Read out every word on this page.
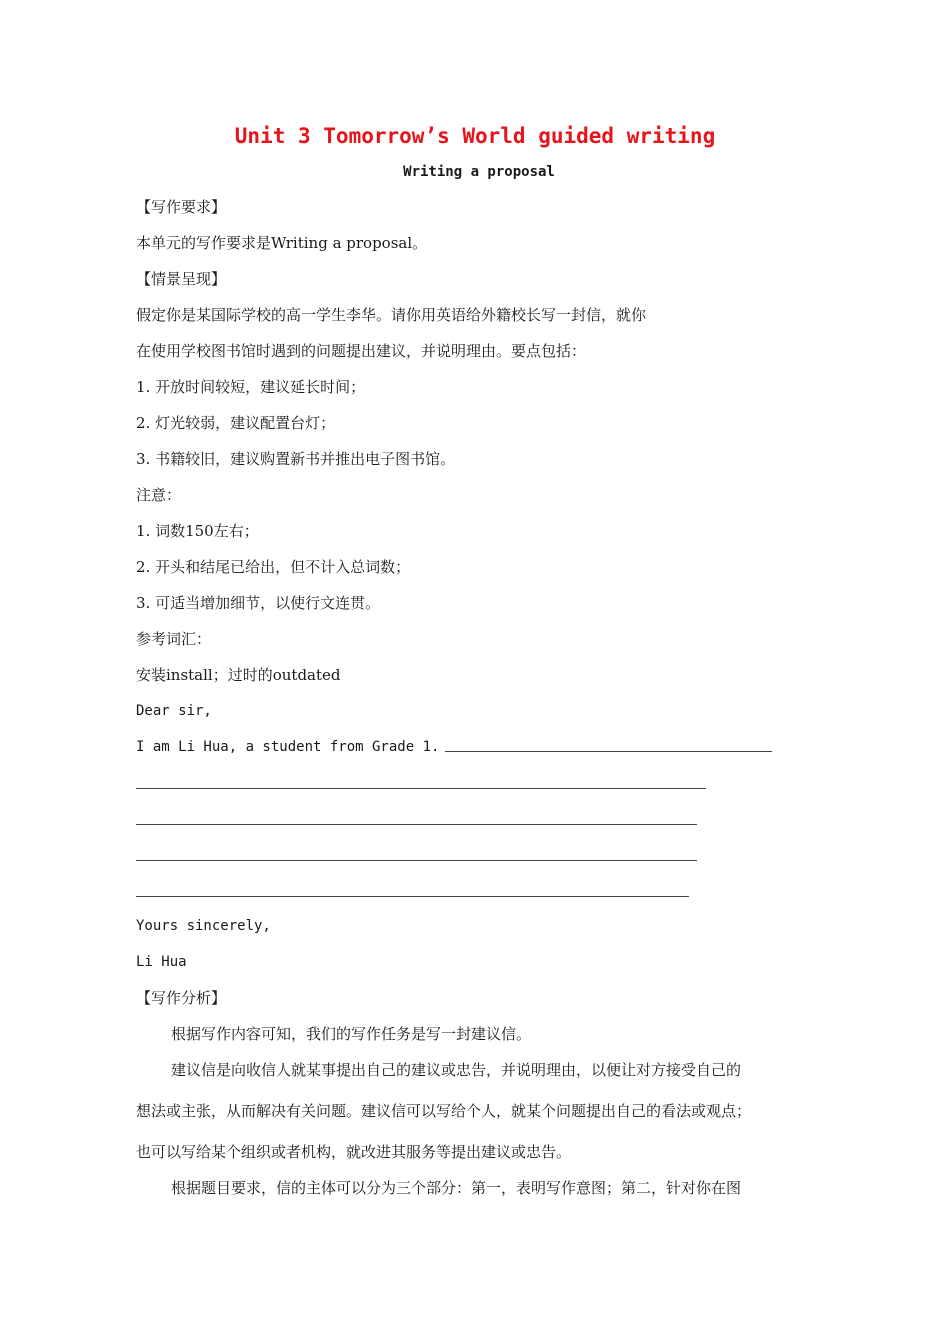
Unit 3 Tomorrow’s World guided writing
Writing a proposal
【写作要求】
本单元的写作要求是Writing a proposal。
【情景呈现】
假定你是某国际学校的高一学生李华。请你用英语给外籍校长写一封信，就你
在使用学校图书馆时遇到的问题提出建议，并说明理由。要点包括：
1. 开放时间较短，建议延长时间；
2. 灯光较弱，建议配置台灯；
3. 书籍较旧，建议购置新书并推出电子图书馆。
注意：
1. 词数150左右；
2. 开头和结尾已给出，但不计入总词数；
3. 可适当增加细节，以使行文连贯。
参考词汇：
安装install；过时的outdated
Dear sir,
I am Li Hua, a student from Grade 1.
Yours sincerely,
Li Hua
【写作分析】
根据写作内容可知，我们的写作任务是写一封建议信。
建议信是向收信人就某事提出自己的建议或忠告，并说明理由，以便让对方接受自己的
想法或主张，从而解决有关问题。建议信可以写给个人，就某个问题提出自己的看法或观点；
也可以写给某个组织或者机构，就改进其服务等提出建议或忠告。
根据题目要求，信的主体可以分为三个部分：第一，表明写作意图；第二，针对你在图
